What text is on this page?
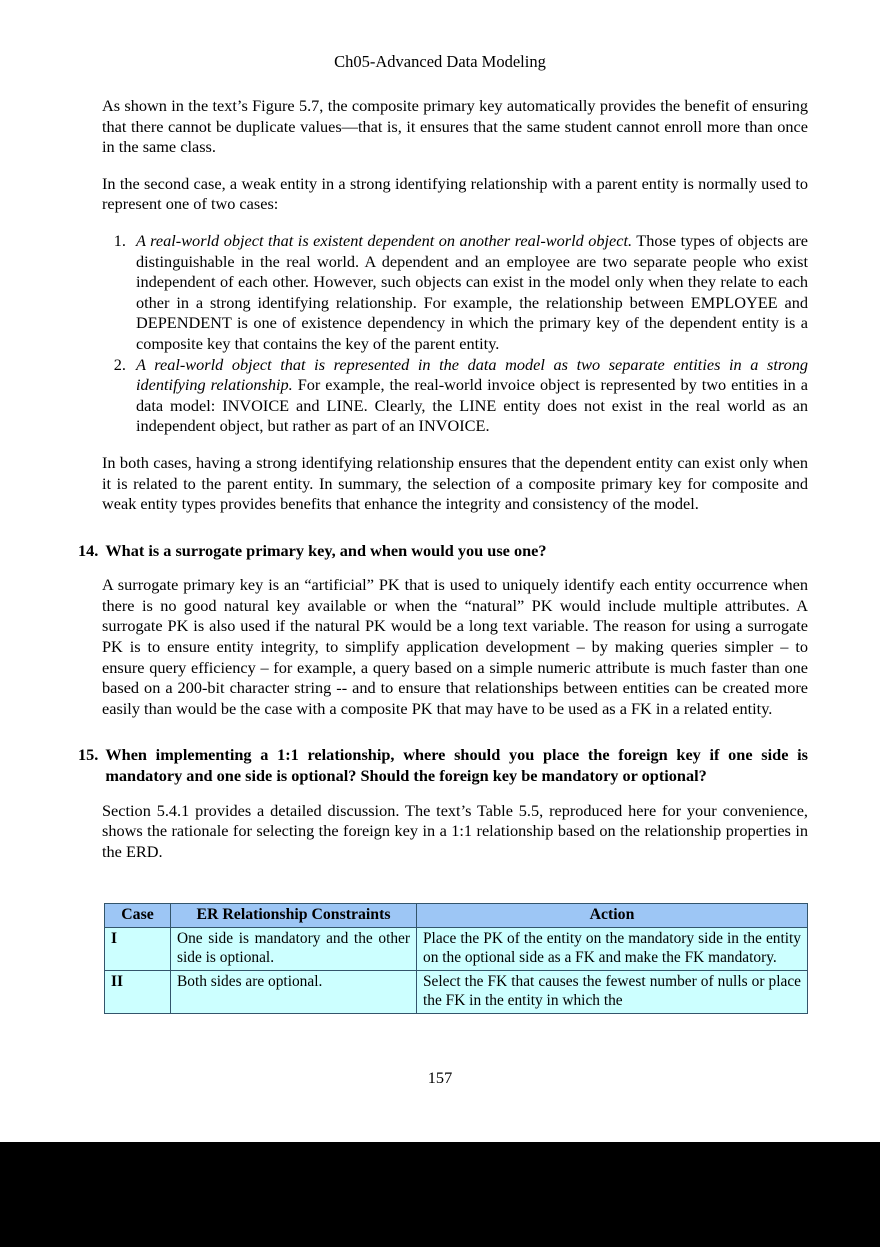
Ch05-Advanced Data Modeling

As shown in the text’s Figure 5.7, the composite primary key automatically provides the benefit of ensuring that there cannot be duplicate values—that is, it ensures that the same student cannot enroll more than once in the same class.

In the second case, a weak entity in a strong identifying relationship with a parent entity is normally used to represent one of two cases:

1. A real-world object that is existent dependent on another real-world object. Those types of objects are distinguishable in the real world. A dependent and an employee are two separate people who exist independent of each other. However, such objects can exist in the model only when they relate to each other in a strong identifying relationship. For example, the relationship between EMPLOYEE and DEPENDENT is one of existence dependency in which the primary key of the dependent entity is a composite key that contains the key of the parent entity.
2. A real-world object that is represented in the data model as two separate entities in a strong identifying relationship. For example, the real-world invoice object is represented by two entities in a data model: INVOICE and LINE. Clearly, the LINE entity does not exist in the real world as an independent object, but rather as part of an INVOICE.

In both cases, having a strong identifying relationship ensures that the dependent entity can exist only when it is related to the parent entity. In summary, the selection of a composite primary key for composite and weak entity types provides benefits that enhance the integrity and consistency of the model.

14. What is a surrogate primary key, and when would you use one?

A surrogate primary key is an “artificial” PK that is used to uniquely identify each entity occurrence when there is no good natural key available or when the “natural” PK would include multiple attributes. A surrogate PK is also used if the natural PK would be a long text variable. The reason for using a surrogate PK is to ensure entity integrity, to simplify application development – by making queries simpler – to ensure query efficiency – for example, a query based on a simple numeric attribute is much faster than one based on a 200-bit character string -- and to ensure that relationships between entities can be created more easily than would be the case with a composite PK that may have to be used as a FK in a related entity.

15. When implementing a 1:1 relationship, where should you place the foreign key if one side is mandatory and one side is optional? Should the foreign key be mandatory or optional?

Section 5.4.1 provides a detailed discussion. The text’s Table 5.5, reproduced here for your convenience, shows the rationale for selecting the foreign key in a 1:1 relationship based on the relationship properties in the ERD.

Case	ER Relationship Constraints	Action
I	One side is mandatory and the other side is optional.	Place the PK of the entity on the mandatory side in the entity on the optional side as a FK and make the FK mandatory.
II	Both sides are optional.	Select the FK that causes the fewest number of nulls or place the FK in the entity in which the
157
